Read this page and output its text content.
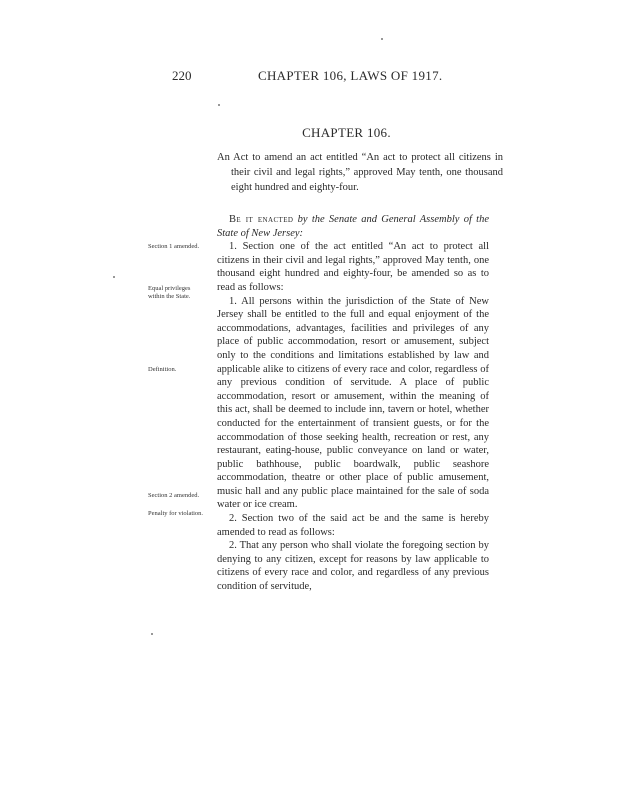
220	CHAPTER 106, LAWS OF 1917.
CHAPTER 106.
An Act to amend an act entitled “An act to protect all citizens in their civil and legal rights,” approved May tenth, one thousand eight hundred and eighty-four.

Be it enacted by the Senate and General Assembly of the State of New Jersey:

1. Section one of the act entitled “An act to protect all citizens in their civil and legal rights,” approved May tenth, one thousand eight hundred and eighty-four, be amended so as to read as follows:

1. All persons within the jurisdiction of the State of New Jersey shall be entitled to the full and equal enjoyment of the accommodations, advantages, facilities and privileges of any place of public accommodation, resort or amusement, subject only to the conditions and limitations established by law and applicable alike to citizens of every race and color, regardless of any previous condition of servitude. A place of public accommodation, resort or amusement, within the meaning of this act, shall be deemed to include inn, tavern or hotel, whether conducted for the entertainment of transient guests, or for the accommodation of those seeking health, recreation or rest, any restaurant, eating-house, public conveyance on land or water, public bathhouse, public boardwalk, public seashore accommodation, theatre or other place of public amusement, music hall and any public place maintained for the sale of soda water or ice cream.

2. Section two of the said act be and the same is hereby amended to read as follows:

2. That any person who shall violate the foregoing section by denying to any citizen, except for reasons by law applicable to citizens of every race and color, and regardless of any previous condition of servitude,

Section 1 amended.
Equal privileges within the State.
Definition.
Section 2 amended.
Penalty for violation.
